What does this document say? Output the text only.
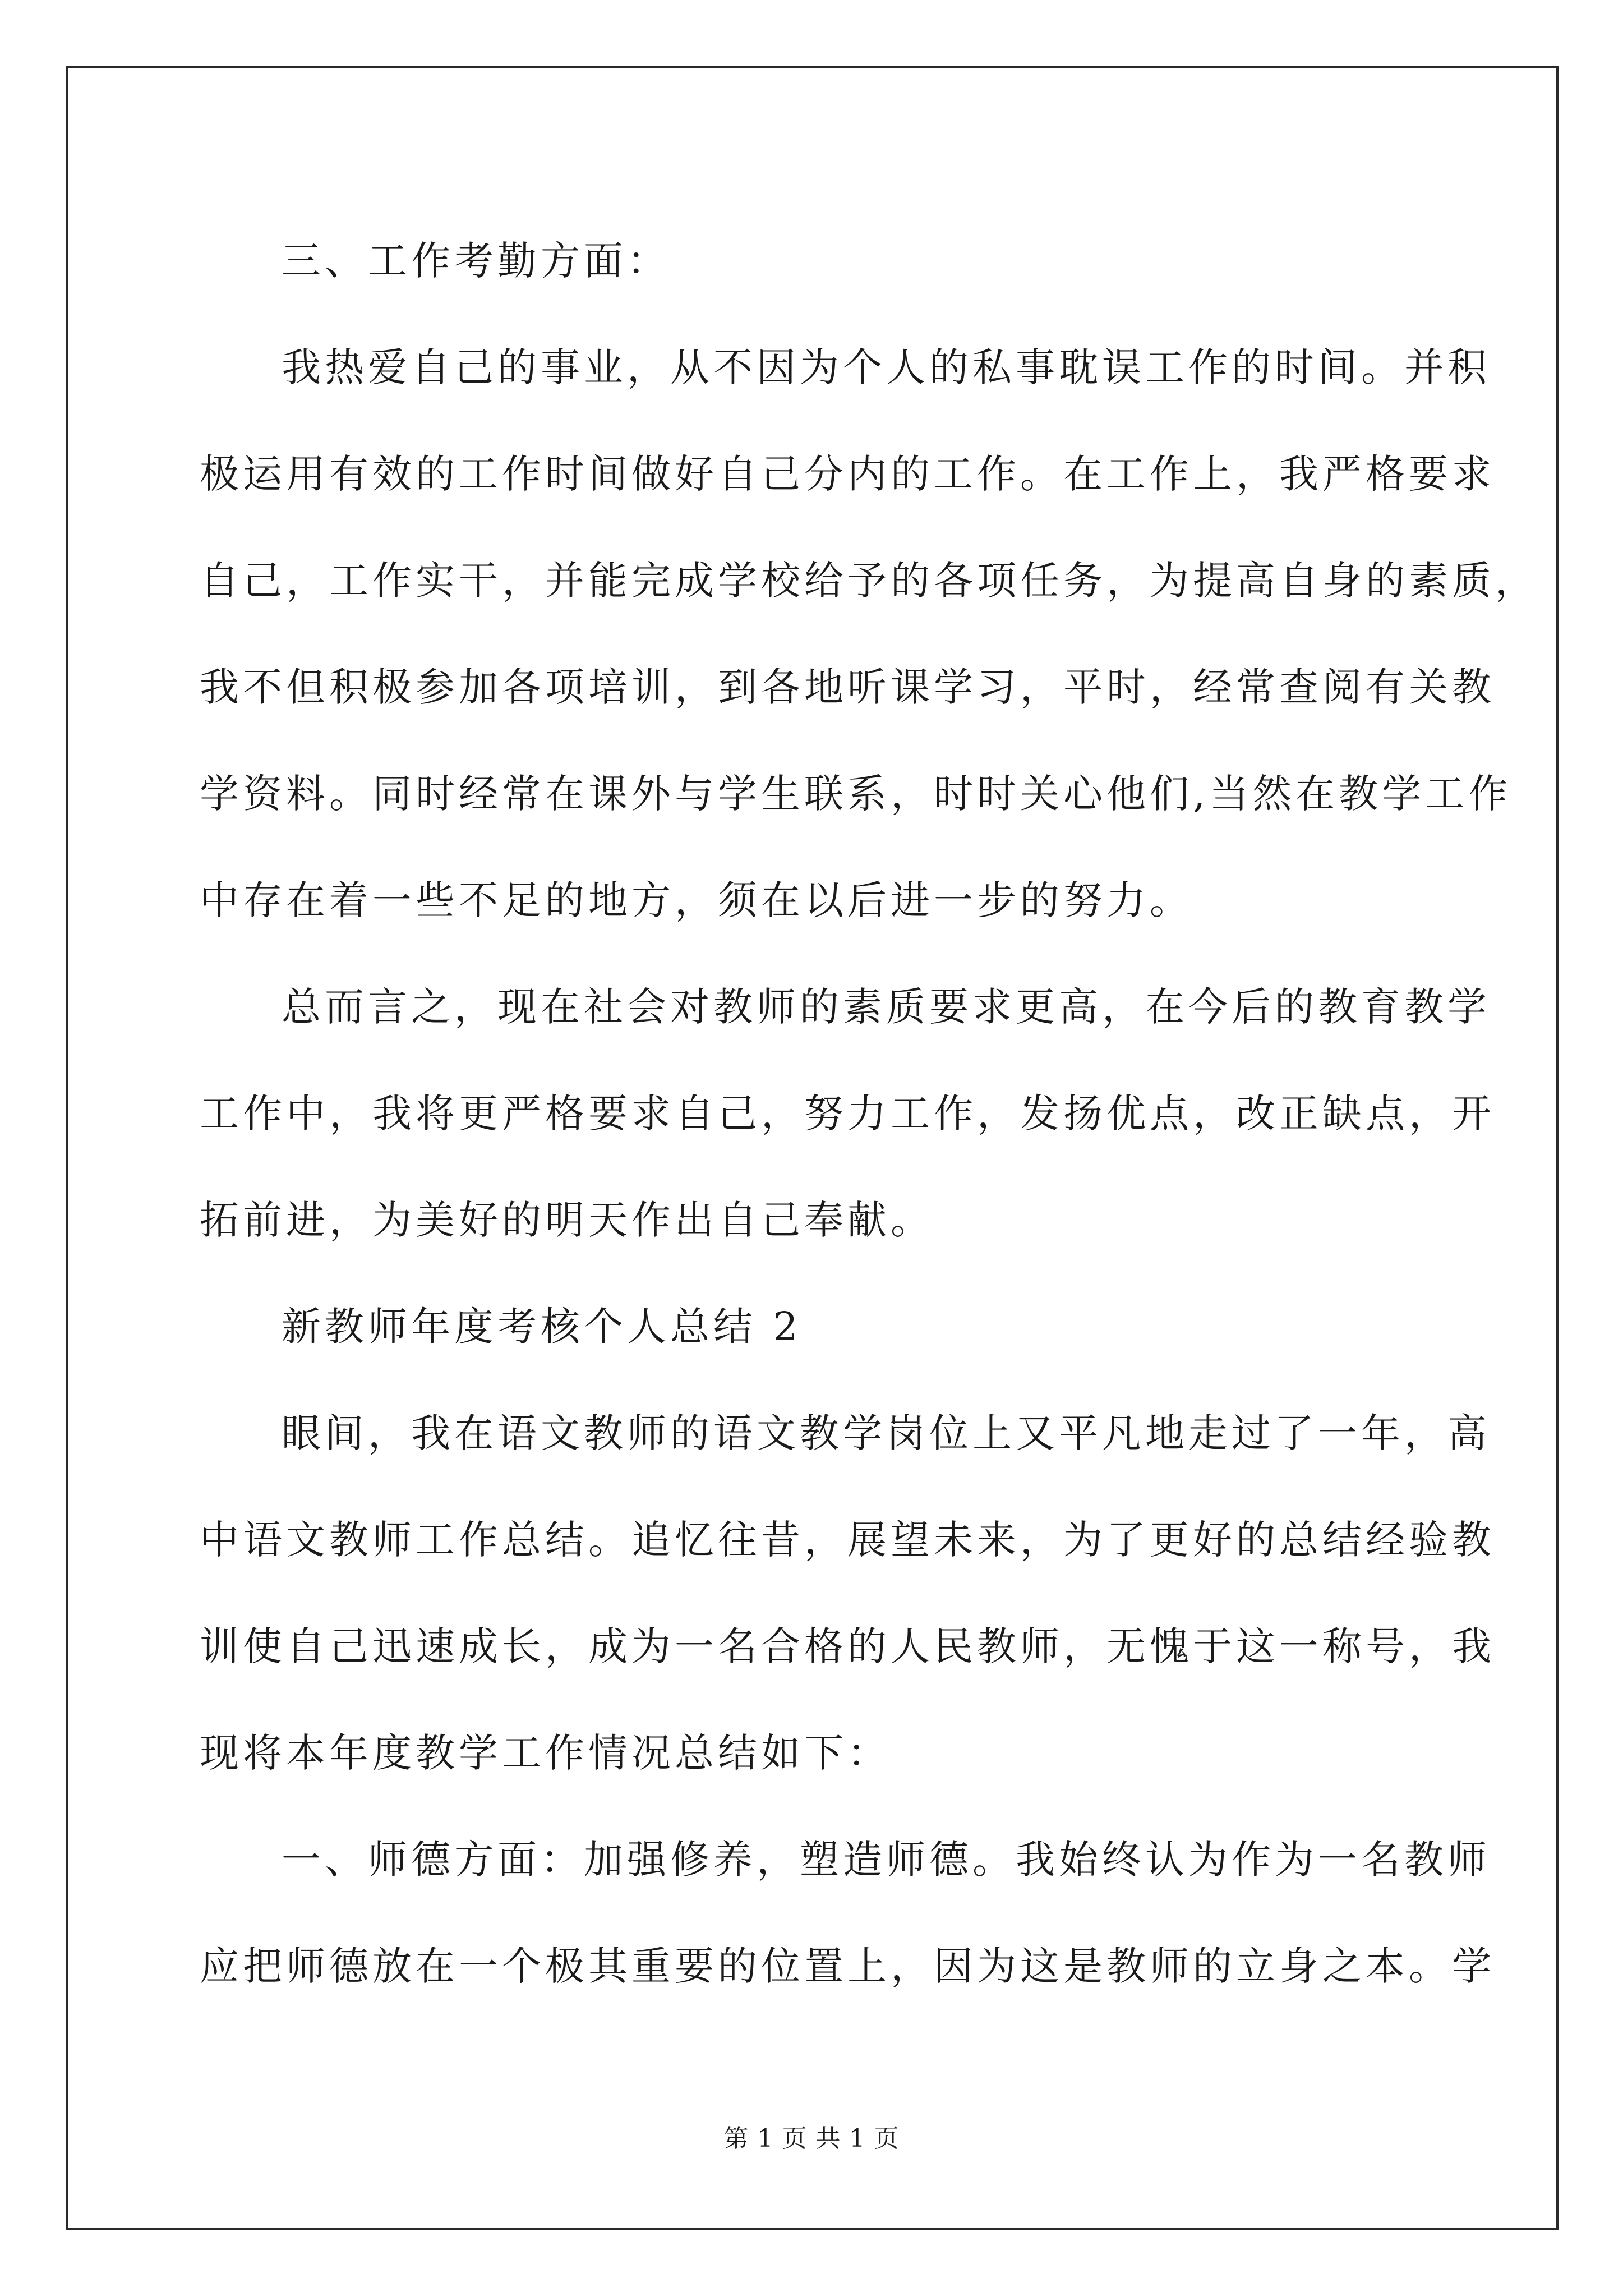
三、工作考勤方面：
我热爱自己的事业，从不因为个人的私事耽误工作的时间。并积
极运用有效的工作时间做好自己分内的工作。在工作上，我严格要求
自己，工作实干，并能完成学校给予的各项任务，为提高自身的素质，
我不但积极参加各项培训，到各地听课学习，平时，经常查阅有关教
学资料。同时经常在课外与学生联系，时时关心他们,当然在教学工作
中存在着一些不足的地方，须在以后进一步的努力。
总而言之，现在社会对教师的素质要求更高，在今后的教育教学
工作中，我将更严格要求自己，努力工作，发扬优点，改正缺点，开
拓前进，为美好的明天作出自己奉献。
新教师年度考核个人总结 2
眼间，我在语文教师的语文教学岗位上又平凡地走过了一年，高
中语文教师工作总结。追忆往昔，展望未来，为了更好的总结经验教
训使自己迅速成长，成为一名合格的人民教师，无愧于这一称号，我
现将本年度教学工作情况总结如下：
一、师德方面：加强修养，塑造师德。我始终认为作为一名教师
应把师德放在一个极其重要的位置上，因为这是教师的立身之本。学
第 1 页 共 1 页
